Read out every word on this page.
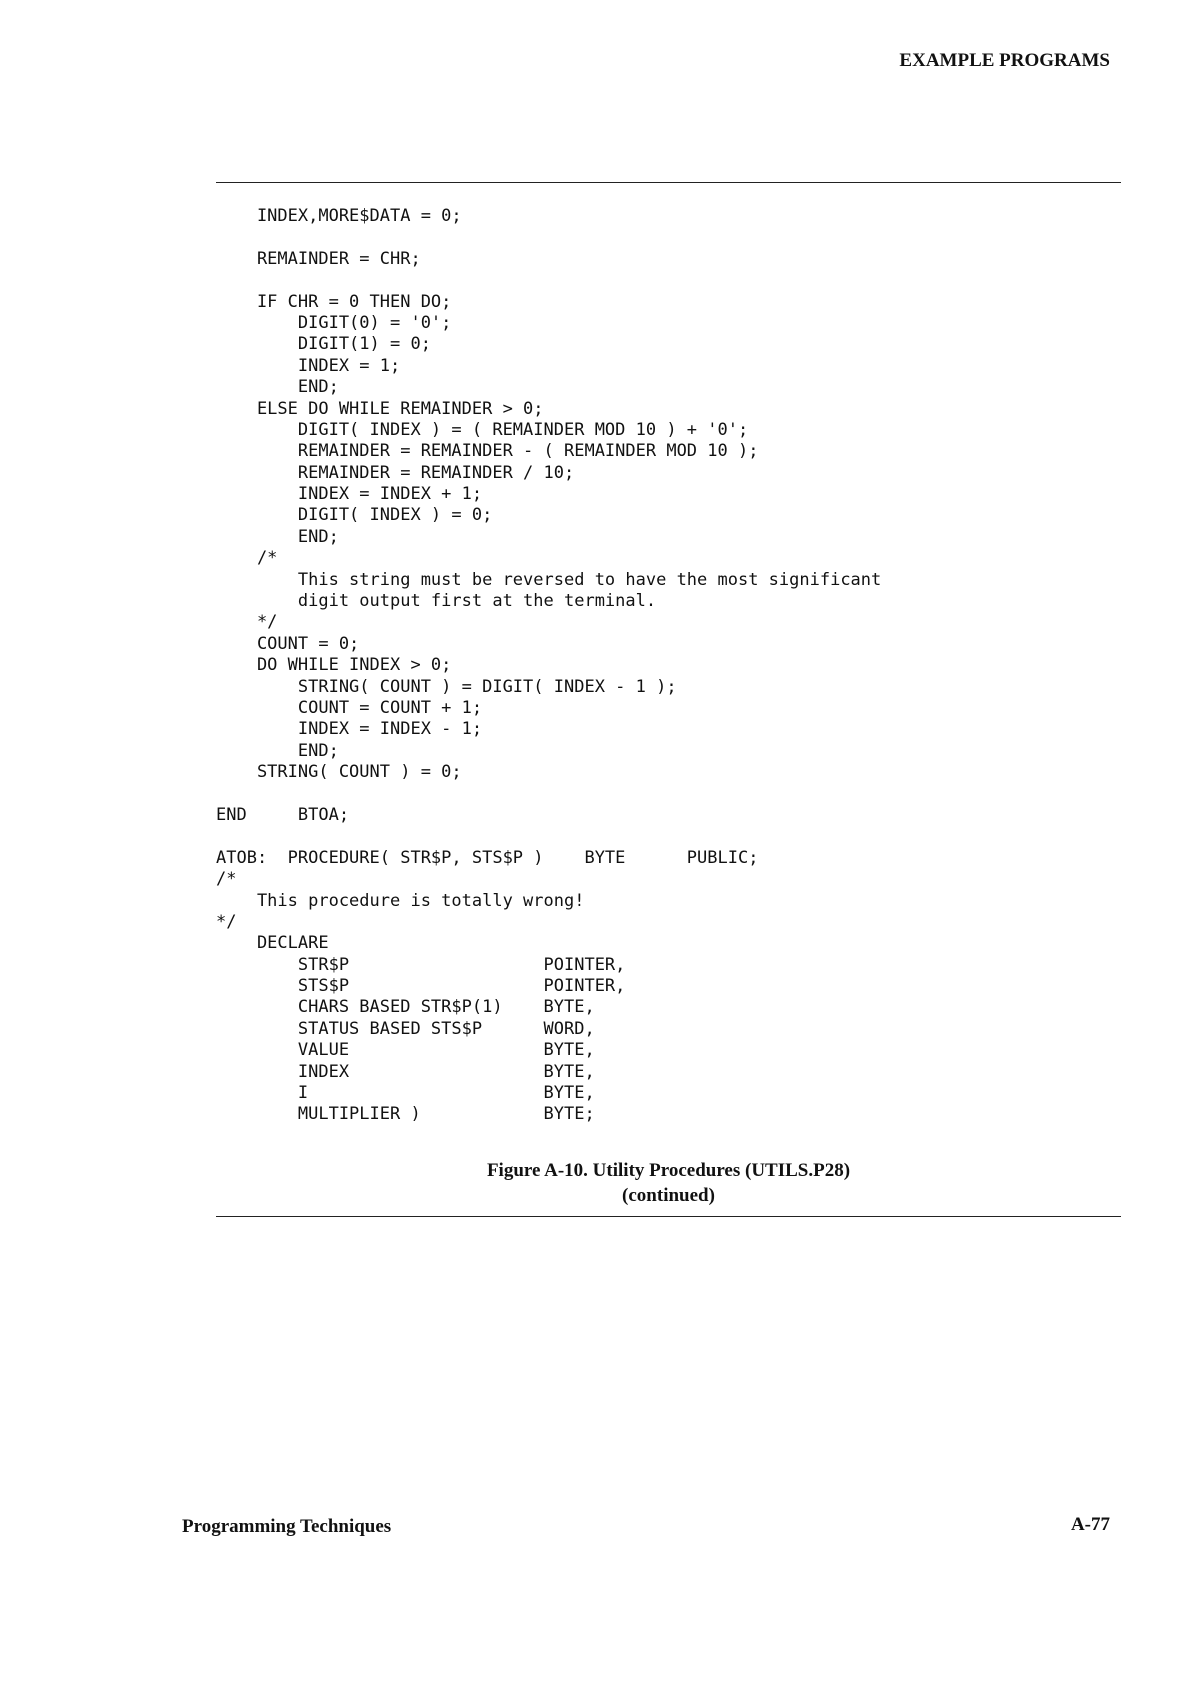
EXAMPLE PROGRAMS
INDEX,MORE$DATA = 0;
REMAINDER = CHR;
IF CHR = 0 THEN DO;
DIGIT(0) = '0';
DIGIT(1) = 0;
INDEX = 1;
END;
ELSE DO WHILE REMAINDER > 0;
DIGIT( INDEX ) = ( REMAINDER MOD 10 ) + '0';
REMAINDER = REMAINDER - ( REMAINDER MOD 10 );
REMAINDER = REMAINDER / 10;
INDEX = INDEX + 1;
DIGIT( INDEX ) = 0;
END;
/*
This string must be reversed to have the most significant
digit output first at the terminal.
*/
COUNT = 0;
DO WHILE INDEX > 0;
STRING( COUNT ) = DIGIT( INDEX - 1 );
COUNT = COUNT + 1;
INDEX = INDEX - 1;
END;
STRING( COUNT ) = 0;
END     BTOA;
ATOB:  PROCEDURE( STR$P, STS$P )    BYTE      PUBLIC;
/*
This procedure is totally wrong!
*/
DECLARE
STR$P                   POINTER,
STS$P                   POINTER,
CHARS BASED STR$P(1)    BYTE,
STATUS BASED STS$P      WORD,
VALUE                   BYTE,
INDEX                   BYTE,
I                       BYTE,
MULTIPLIER )            BYTE;
Figure A-10. Utility Procedures (UTILS.P28)
(continued)
Programming Techniques	A-77
